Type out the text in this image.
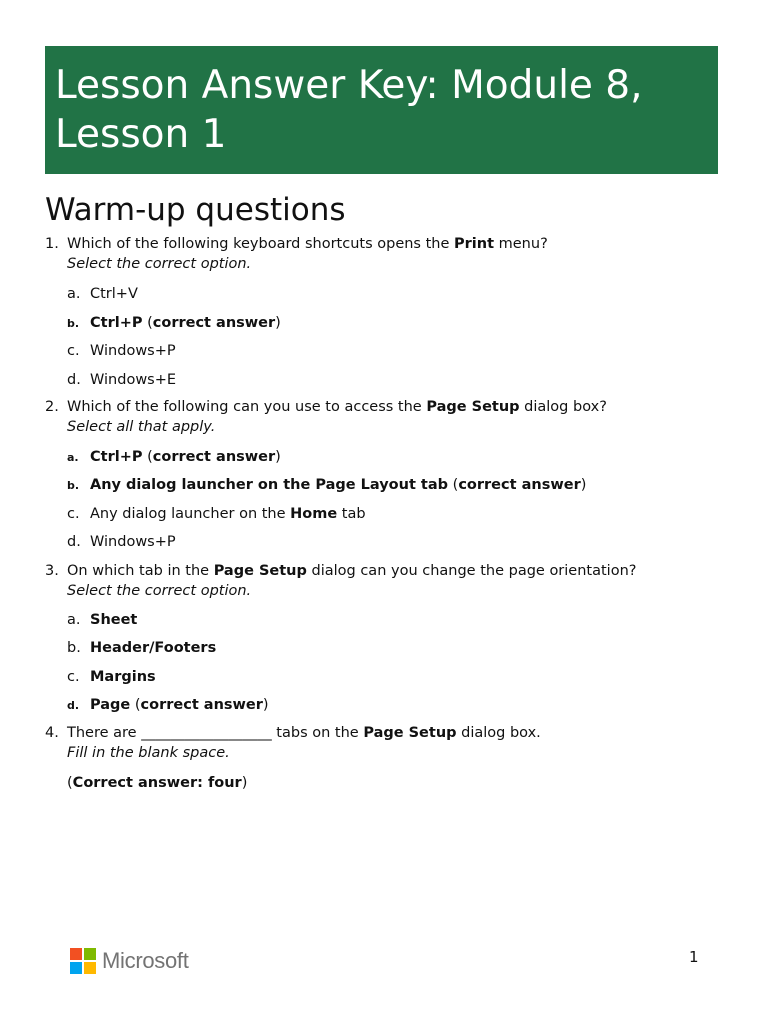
Lesson Answer Key: Module 8,
Lesson 1
Warm-up questions
1. Which of the following keyboard shortcuts opens the Print menu?
Select the correct option.
a. Ctrl+V
b. Ctrl+P (correct answer)
c. Windows+P
d. Windows+E
2. Which of the following can you use to access the Page Setup dialog box?
Select all that apply.
a. Ctrl+P (correct answer)
b. Any dialog launcher on the Page Layout tab (correct answer)
c. Any dialog launcher on the Home tab
d. Windows+P
3. On which tab in the Page Setup dialog can you change the page orientation?
Select the correct option.
a. Sheet
b. Header/Footers
c. Margins
d. Page (correct answer)
4. There are __________________ tabs on the Page Setup dialog box.
Fill in the blank space.
(Correct answer: four)
Microsoft	1
